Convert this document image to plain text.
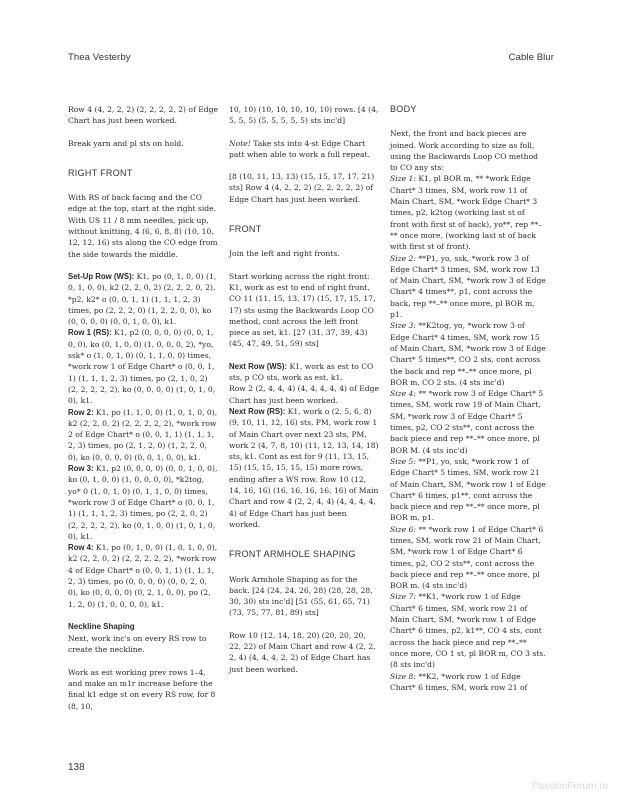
Thea Vesterby	Cable Blur

Row 4 (4, 2, 2, 2) (2, 2, 2, 2, 2) of Edge Chart has just been worked.

Break yarn and pl sts on hold.

RIGHT FRONT

With RS of back facing and the CO edge at the top, start at the right side. With US 11 / 8 mm needles, pick up, without knitting, 4 (6, 6, 8, 8) (10, 10, 12, 12, 16) sts along the CO edge from the side towards the middle.

Set-Up Row (WS): K1, po (0, 1, 0, 0) (1, 0, 1, 0, 0), k2 (2, 2, 0, 2) (2, 2, 2, 0, 2), *p2, k2* o (0, 0, 1, 1) (1, 1, 1, 2, 3) times, po (2, 2, 2, 0) (1, 2, 2, 0, 0), ko (0, 0, 0, 0) (0, 0, 1, 0, 0), k1.

Row 1 (RS): K1, p2 (0, 0, 0, 0) (0, 0, 1, 0, 0), ko (0, 1, 0, 0) (1, 0, 0, 0, 2), *yo, ssk* o (1, 0, 1, 0) (0, 1, 1, 0, 0) times, *work row 1 of Edge Chart* o (0, 0, 1, 1) (1, 1, 1, 2, 3) times, po (2, 1, 0, 2) (2, 2, 2, 2, 2), ko (0, 0, 0, 0) (1, 0, 1, 0, 0), k1.

Row 2: K1, po (1, 1, 0, 0) (1, 0, 1, 0, 0), k2 (2, 2, 0, 2) (2, 2, 2, 2, 2), *work row 2 of Edge Chart* o (0, 0, 1, 1) (1, 1, 1, 2, 3) times, po (2, 1, 2, 0) (1, 2, 2, 0, 0), ko (0, 0, 0, 0) (0, 0, 1, 0, 0), k1.

Row 3: K1, p2 (0, 0, 0, 0) (0, 0, 1, 0, 0), ko (0, 1, 0, 0) (1, 0, 0, 0, 0), *k2tog, yo* 0 (1, 0, 1, 0) (0, 1, 1, 0, 0) times, *work row 3 of Edge Chart* o (0, 0, 1, 1) (1, 1, 1, 2, 3) times, po (2, 2, 0, 2) (2, 2, 2, 2, 2), ko (0, 1, 0, 0) (1, 0, 1, 0, 0), k1.

Row 4: K1, po (0, 1, 0, 0) (1, 0, 1, 0, 0), k2 (2, 2, 0, 2) (2, 2, 2, 2, 2), *work row 4 of Edge Chart* o (0, 0, 1, 1) (1, 1, 1, 2, 3) times, po (0, 0, 0, 0) (0, 0, 2, 0, 0), ko (0, 0, 0, 0) (0, 2, 1, 0, 0), po (2, 1, 2, 0) (1, 0, 0, 0, 0), k1.

Neckline Shaping

Next, work inc's on every RS row to create the neckline.

Work as est working prev rows 1–4, and make an m1r increase before the final k1 edge st on every RS row, for 8 (8, 10,

10, 10) (10, 10, 10, 10, 10) rows. [4 (4, 5, 5, 5) (5, 5, 5, 5, 5) sts inc'd]

Note! Take sts into 4-st Edge Chart patt when able to work a full repeat.

[8 (10, 11, 13, 13) (15, 15, 17, 17, 21) sts] Row 4 (4, 2, 2, 2) (2, 2, 2, 2, 2) of Edge Chart has just been worked.

FRONT

Join the left and right fronts.

Start working across the right front: K1, work as est to end of right front, CO 11 (11, 15, 13, 17) (15, 17, 15, 17, 17) sts using the Backwards Loop CO method, cont across the left front piece as set, k1. [27 (31, 37, 39, 43) (45, 47, 49, 51, 59) sts]

Next Row (WS): K1, work as est to CO sts, p CO sts, work as est, k1.

Row 2 (2, 4, 4, 4) (4, 4, 4, 4, 4) of Edge Chart has just been worked.

Next Row (RS): K1, work o (2, 5, 6, 8) (9, 10, 11, 12, 16) sts, PM, work row 1 of Main Chart over next 23 sts, PM, work 2 (4, 7, 8, 10) (11, 12, 13, 14, 18) sts, k1. Cont as est for 9 (11, 13, 15, 15) (15, 15, 15, 15, 15) more rows, ending after a WS row. Row 10 (12, 14, 16, 16) (16, 16, 16, 16, 16) of Main Chart and row 4 (2, 2, 4, 4) (4, 4, 4, 4, 4) of Edge Chart has just been worked.

FRONT ARMHOLE SHAPING

Work Armhole Shaping as for the back. [24 (24, 24, 26, 28) (28, 28, 28, 30, 30) sts inc'd] [51 (55, 61, 65, 71) (73, 75, 77, 81, 89) sts]

Row 10 (12, 14, 18, 20) (20, 20, 20, 22, 22) of Main Chart and row 4 (2, 2, 2, 4) (4, 4, 4, 2, 2) of Edge Chart has just been worked.

BODY

Next, the front and back pieces are joined. Work according to size as foll, using the Backwards Loop CO method to CO any sts:

Size 1: K1, pl BOR m, ** *work Edge Chart* 3 times, SM, work row 11 of Main Chart, SM, *work Edge Chart* 3 times, p2, k2tog (working last st of front with first st of back), yo**, rep **–** once more, (working last st of back with first st of front).

Size 2: **P1, yo, ssk, *work row 3 of Edge Chart* 3 times, SM, work row 13 of Main Chart, SM, *work row 3 of Edge Chart* 4 times**, p1, cont across the back, rep **–** once more, pl BOR m, p1.

Size 3: **K2tog, yo, *work row 3 of Edge Chart* 4 times, SM, work row 15 of Main Chart, SM, *work row 3 of Edge Chart* 5 times**, CO 2 sts, cont across the back and rep **–** once more, pl BOR m, CO 2 sts. (4 sts inc'd)

Size 4: ** *work row 3 of Edge Chart* 5 times, SM, work row 19 of Main Chart, SM, *work row 3 of Edge Chart* 5 times, p2, CO 2 sts**, cont across the back piece and rep **–** once more, pl BOR M. (4 sts inc'd)

Size 5: **P1, yo, ssk, *work row 1 of Edge Chart* 5 times, SM, work row 21 of Main Chart, SM, *work row 1 of Edge Chart* 6 times, p1**, cont across the back piece and rep **–** once more, pl BOR m, p1.

Size 6: ** *work row 1 of Edge Chart* 6 times, SM, work row 21 of Main Chart, SM, *work row 1 of Edge Chart* 6 times, p2, CO 2 sts**, cont across the back piece and rep **–** once more, pl BOR m. (4 sts inc'd)

Size 7: **K1, *work row 1 of Edge Chart* 6 times, SM, work row 21 of Main Chart, SM, *work row 1 of Edge Chart* 6 times, p2, k1**, CO 4 sts, cont across the back piece and rep **–** once more, CO 1 st, pl BOR m, CO 3 sts. (8 sts inc'd)

Size 8: **K2, *work row 1 of Edge Chart* 6 times, SM, work row 21 of

138
PassionForum.ru
